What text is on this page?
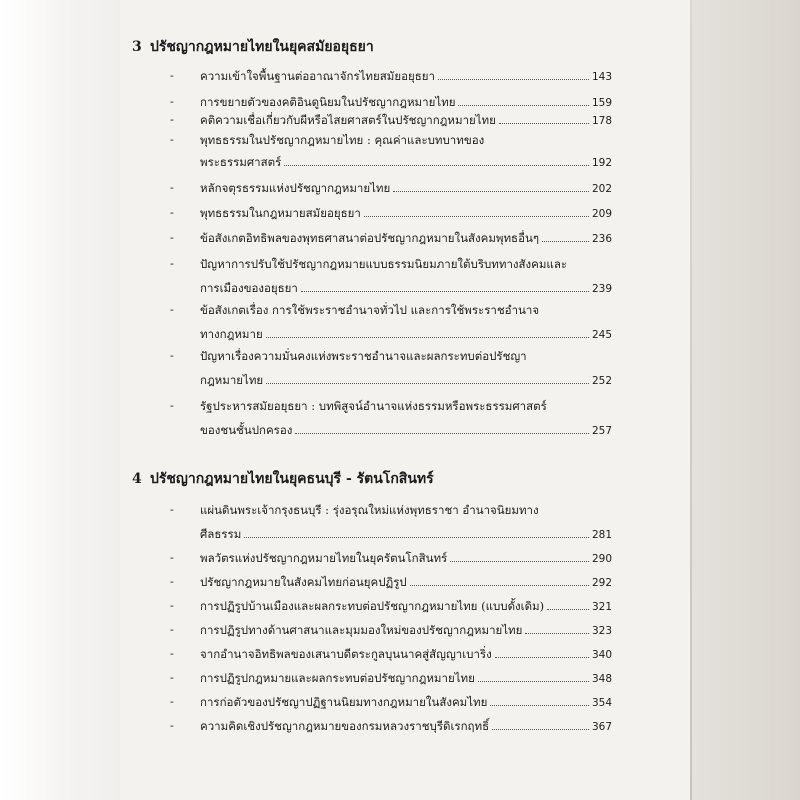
3 ปรัชญากฎหมายไทยในยุคสมัยอยุธยา
- ความเข้าใจพื้นฐานต่ออาณาจักรไทยสมัยอยุธยา	143
- การขยายตัวของคติอินดูนิยมในปรัชญากฎหมายไทย	159
- คติความเชื่อเกี่ยวกับผีหรือไสยศาสตร์ในปรัชญากฎหมายไทย	178
- พุทธธรรมในปรัชญากฎหมายไทย : คุณค่าและบทบาทของ
พระธรรมศาสตร์	192
- หลักจตุรธรรมแห่งปรัชญากฎหมายไทย	202
- พุทธธรรมในกฎหมายสมัยอยุธยา	209
- ข้อสังเกตอิทธิพลของพุทธศาสนาต่อปรัชญากฎหมายในสังคมพุทธอื่นๆ	236
- ปัญหาการปรับใช้ปรัชญากฎหมายแบบธรรมนิยมภายใต้บริบททางสังคมและ
การเมืองของอยุธยา	239
- ข้อสังเกตเรื่อง การใช้พระราชอำนาจทั่วไป และการใช้พระราชอำนาจ
ทางกฎหมาย	245
- ปัญหาเรื่องความมั่นคงแห่งพระราชอำนาจและผลกระทบต่อปรัชญา
กฎหมายไทย	252
- รัฐประหารสมัยอยุธยา : บทพิสูจน์อำนาจแห่งธรรมหรือพระธรรมศาสตร์
ของชนชั้นปกครอง	257
4 ปรัชญากฎหมายไทยในยุคธนบุรี - รัตนโกสินทร์
- แผ่นดินพระเจ้ากรุงธนบุรี : รุ่งอรุณใหม่แห่งพุทธราชา อำนาจนิยมทาง
ศีลธรรม	281
- พลวัตรแห่งปรัชญากฎหมายไทยในยุครัตนโกสินทร์	290
- ปรัชญากฎหมายในสังคมไทยก่อนยุคปฏิรูป	292
- การปฏิรูปบ้านเมืองและผลกระทบต่อปรัชญากฎหมายไทย (แบบดั้งเดิม)	321
- การปฏิรูปทางด้านศาสนาและมุมมองใหม่ของปรัชญากฎหมายไทย	323
- จากอำนาจอิทธิพลของเสนาบดีตระกูลบุนนาคสู่สัญญาเบาริ่ง	340
- การปฏิรูปกฎหมายและผลกระทบต่อปรัชญากฎหมายไทย	348
- การก่อตัวของปรัชญาปฏิฐานนิยมทางกฎหมายในสังคมไทย	354
- ความคิดเชิงปรัชญากฎหมายของกรมหลวงราชบุรีดิเรกฤทธิ์	367
